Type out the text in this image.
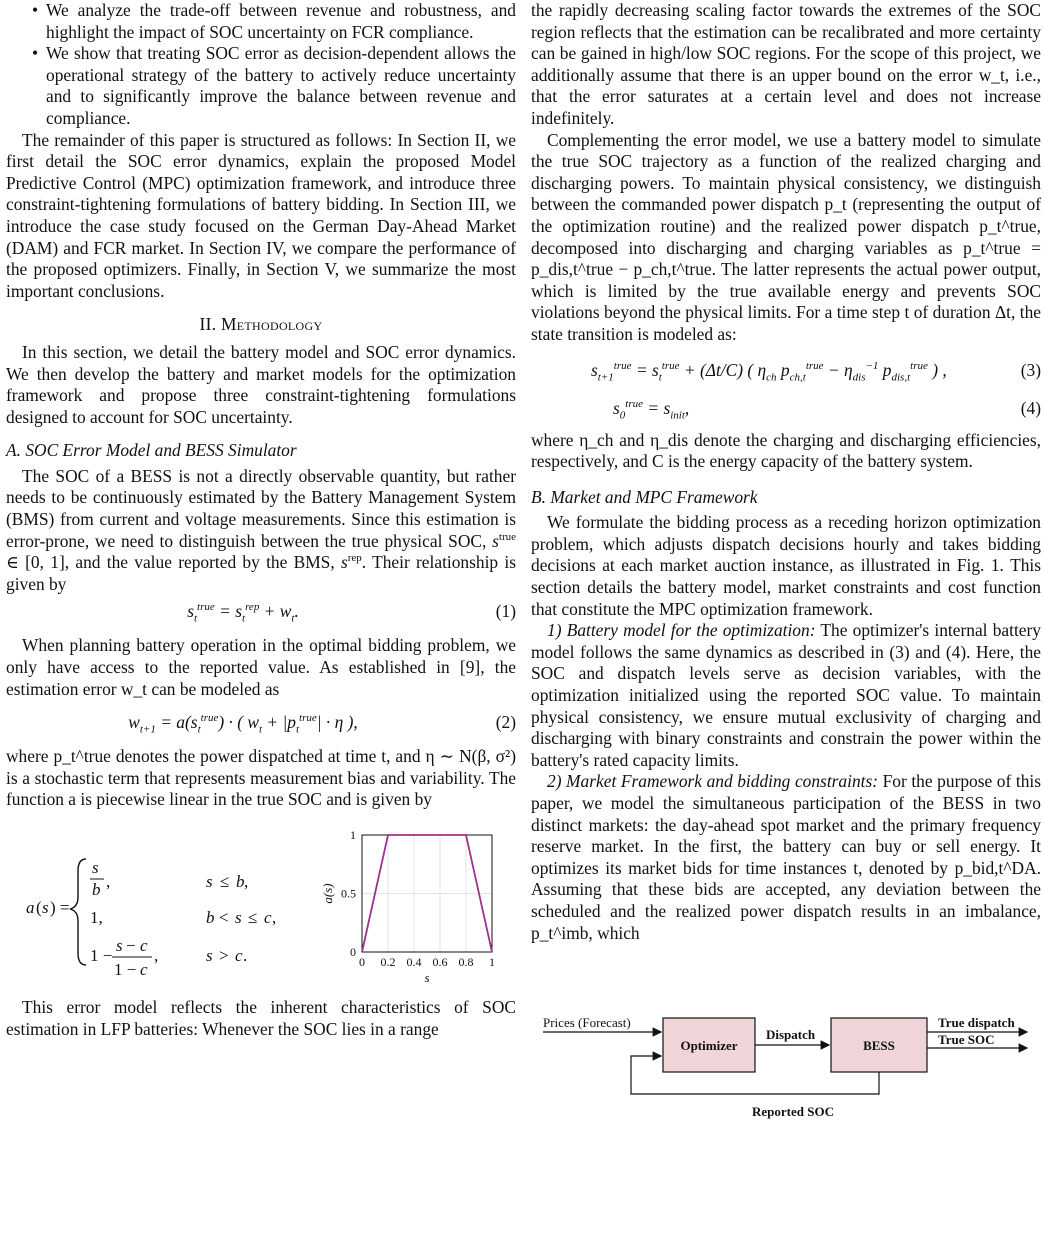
• We analyze the trade-off between revenue and robustness, and highlight the impact of SOC uncertainty on FCR compliance.
• We show that treating SOC error as decision-dependent allows the operational strategy of the battery to actively reduce uncertainty and to significantly improve the balance between revenue and compliance.

The remainder of this paper is structured as follows: In Section II, we first detail the SOC error dynamics, explain the proposed Model Predictive Control (MPC) optimization framework, and introduce three constraint-tightening formulations of battery bidding. In Section III, we introduce the case study focused on the German Day-Ahead Market (DAM) and FCR market. In Section IV, we compare the performance of the proposed optimizers. Finally, in Section V, we summarize the most important conclusions.

II. Methodology

In this section, we detail the battery model and SOC error dynamics. We then develop the battery and market models for the optimization framework and propose three constraint-tightening formulations designed to account for SOC uncertainty.

A. SOC Error Model and BESS Simulator

The SOC of a BESS is not a directly observable quantity, but rather needs to be continuously estimated by the Battery Management System (BMS) from current and voltage measurements. Since this estimation is error-prone, we need to distinguish between the true physical SOC, $s^{true}$ ∈ [0, 1], and the value reported by the BMS, $s^{rep}$. Their relationship is given by

$s_t^{true} = s_t^{rep} + w_t$.	(1)

When planning battery operation in the optimal bidding problem, we only have access to the reported value. As established in [9], the estimation error w_t can be modeled as

$w_{t+1} = a(s_t^{true})$ · ( $w_t + |p_t^{true}| \cdot \eta$ ),	(2)

where p_t^true denotes the power dispatched at time t, and η ∼ N(β, σ²) is a stochastic term that represents measurement bias and variability. The function a is piecewise linear in the true SOC and is given by

a ( s ) =
s
b ,	s ≤ b ,
1,	b < s ≤ c ,
1 −
s − c
1 − c
,	s > c .	0 0.2 0.4 0.6 0.8 1
0
0.5
1
s
a(s)

This error model reflects the inherent characteristics of SOC estimation in LFP batteries: Whenever the SOC lies in a range

the rapidly decreasing scaling factor towards the extremes of the SOC region reflects that the estimation can be recalibrated and more certainty can be gained in high/low SOC regions. For the scope of this project, we additionally assume that there is an upper bound on the error w_t, i.e., that the error saturates at a certain level and does not increase indefinitely.

Complementing the error model, we use a battery model to simulate the true SOC trajectory as a function of the realized charging and discharging powers. To maintain physical consistency, we distinguish between the commanded power dispatch p_t (representing the output of the optimization routine) and the realized power dispatch p_t^true, decomposed into discharging and charging variables as p_t^true = p_dis,t^true − p_ch,t^true. The latter represents the actual power output, which is limited by the true available energy and prevents SOC violations beyond the physical limits. For a time step t of duration Δt, the state transition is modeled as:

$s_{t+1}^{true} = s_t^{true} + (\Delta t/C)$ ( $\eta_{ch}$ $p_{ch,t}^{true} - \eta_{dis}^{-1}$ $p_{dis,t}^{true}$ ) ,	(3)
$s_0^{true} = s_{init}$,	(4)

where η_ch and η_dis denote the charging and discharging efficiencies, respectively, and C is the energy capacity of the battery system.

B. Market and MPC Framework

We formulate the bidding process as a receding horizon optimization problem, which adjusts dispatch decisions hourly and takes bidding decisions at each market auction instance, as illustrated in Fig. 1. This section details the battery model, market constraints and cost function that constitute the MPC optimization framework.

1) Battery model for the optimization: The optimizer's internal battery model follows the same dynamics as described in (3) and (4). Here, the SOC and dispatch levels serve as decision variables, with the optimization initialized using the reported SOC value. To maintain physical consistency, we ensure mutual exclusivity of charging and discharging with binary constraints and constrain the power within the battery's rated capacity limits.

2) Market Framework and bidding constraints: For the purpose of this paper, we model the simultaneous participation of the BESS in two distinct markets: the day-ahead spot market and the primary frequency reserve market. In the first, the battery can buy or sell energy. It optimizes its market bids for time instances t, denoted by p_bid,t^DA. Assuming that these bids are accepted, any deviation between the scheduled and the realized power dispatch results in an imbalance, p_t^imb, which

Prices (Forecast)
Optimizer
Dispatch
BESS
True dispatch
True SOC
Reported SOC
